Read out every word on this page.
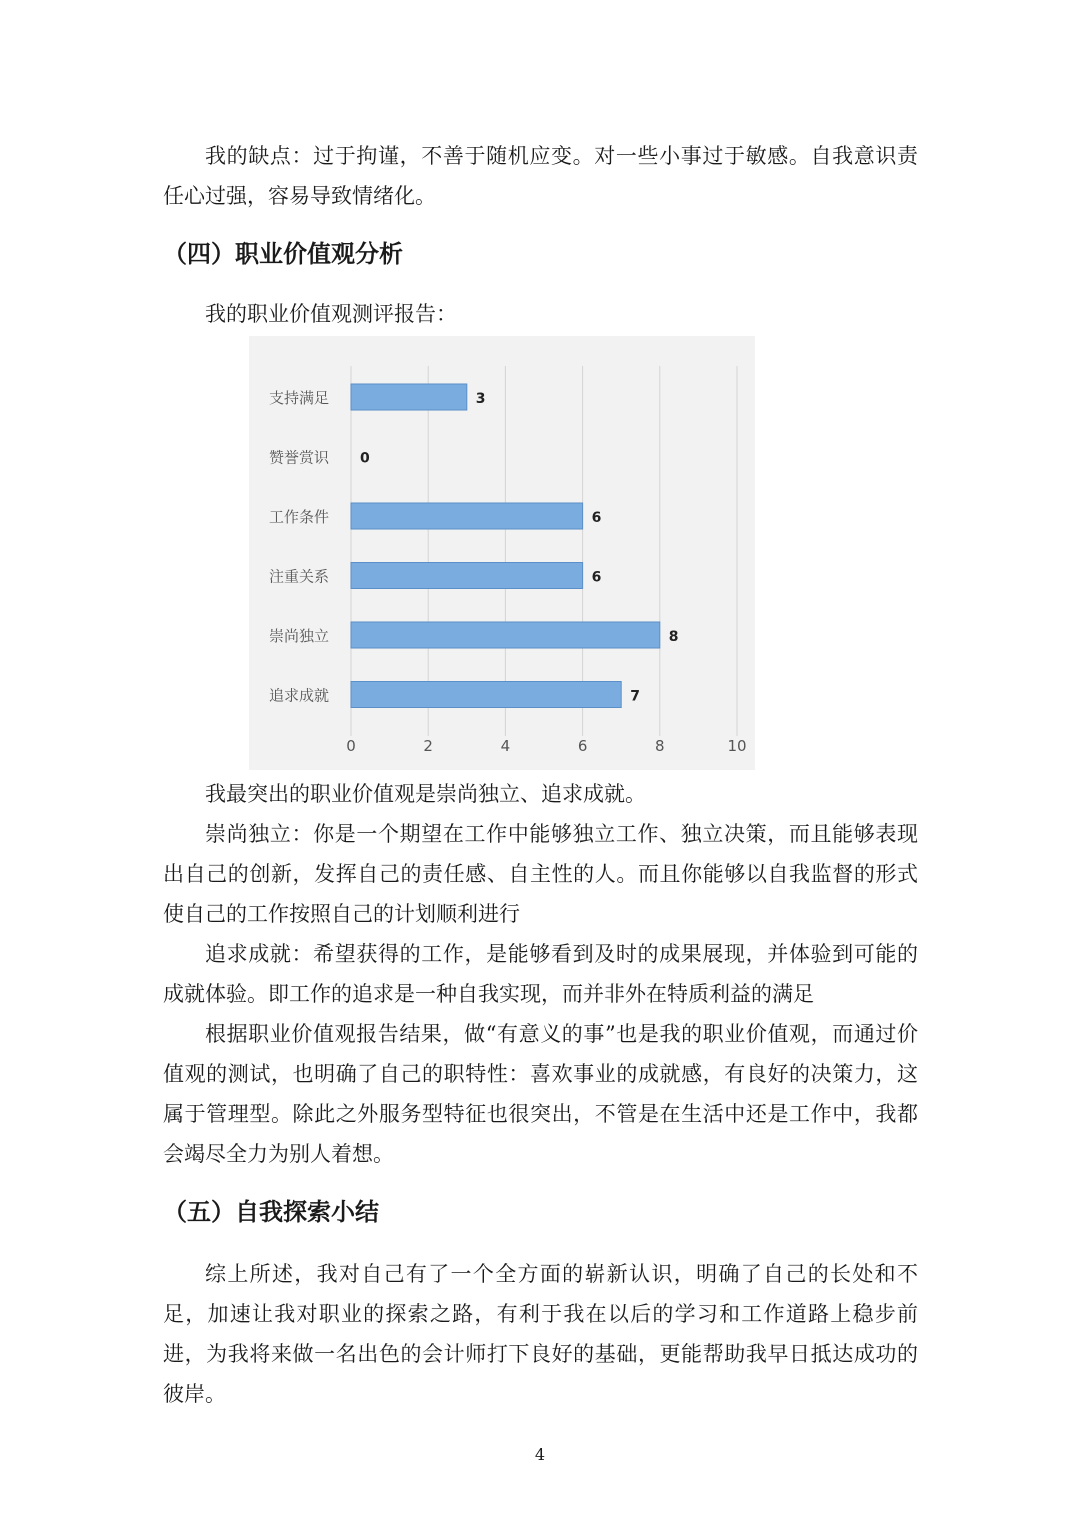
我的缺点：过于拘谨，不善于随机应变。对一些小事过于敏感。自我意识责任心过强，容易导致情绪化。

（四）职业价值观分析

我的职业价值观测评报告：

0	2	4	6	8	10
支持满足	3
赞誉赏识 0
工作条件	6
注重关系	6
崇尚独立	8
追求成就	7

我最突出的职业价值观是崇尚独立、追求成就。

崇尚独立：你是一个期望在工作中能够独立工作、独立决策，而且能够表现出自己的创新，发挥自己的责任感、自主性的人。而且你能够以自我监督的形式使自己的工作按照自己的计划顺利进行

追求成就：希望获得的工作，是能够看到及时的成果展现，并体验到可能的成就体验。即工作的追求是一种自我实现，而并非外在特质利益的满足

根据职业价值观报告结果，做“有意义的事”也是我的职业价值观，而通过价值观的测试，也明确了自己的职特性：喜欢事业的成就感，有良好的决策力，这属于管理型。除此之外服务型特征也很突出，不管是在生活中还是工作中，我都会竭尽全力为别人着想。

（五）自我探索小结

综上所述，我对自己有了一个全方面的崭新认识，明确了自己的长处和不足，加速让我对职业的探索之路，有利于我在以后的学习和工作道路上稳步前进，为我将来做一名出色的会计师打下良好的基础，更能帮助我早日抵达成功的彼岸。

4
